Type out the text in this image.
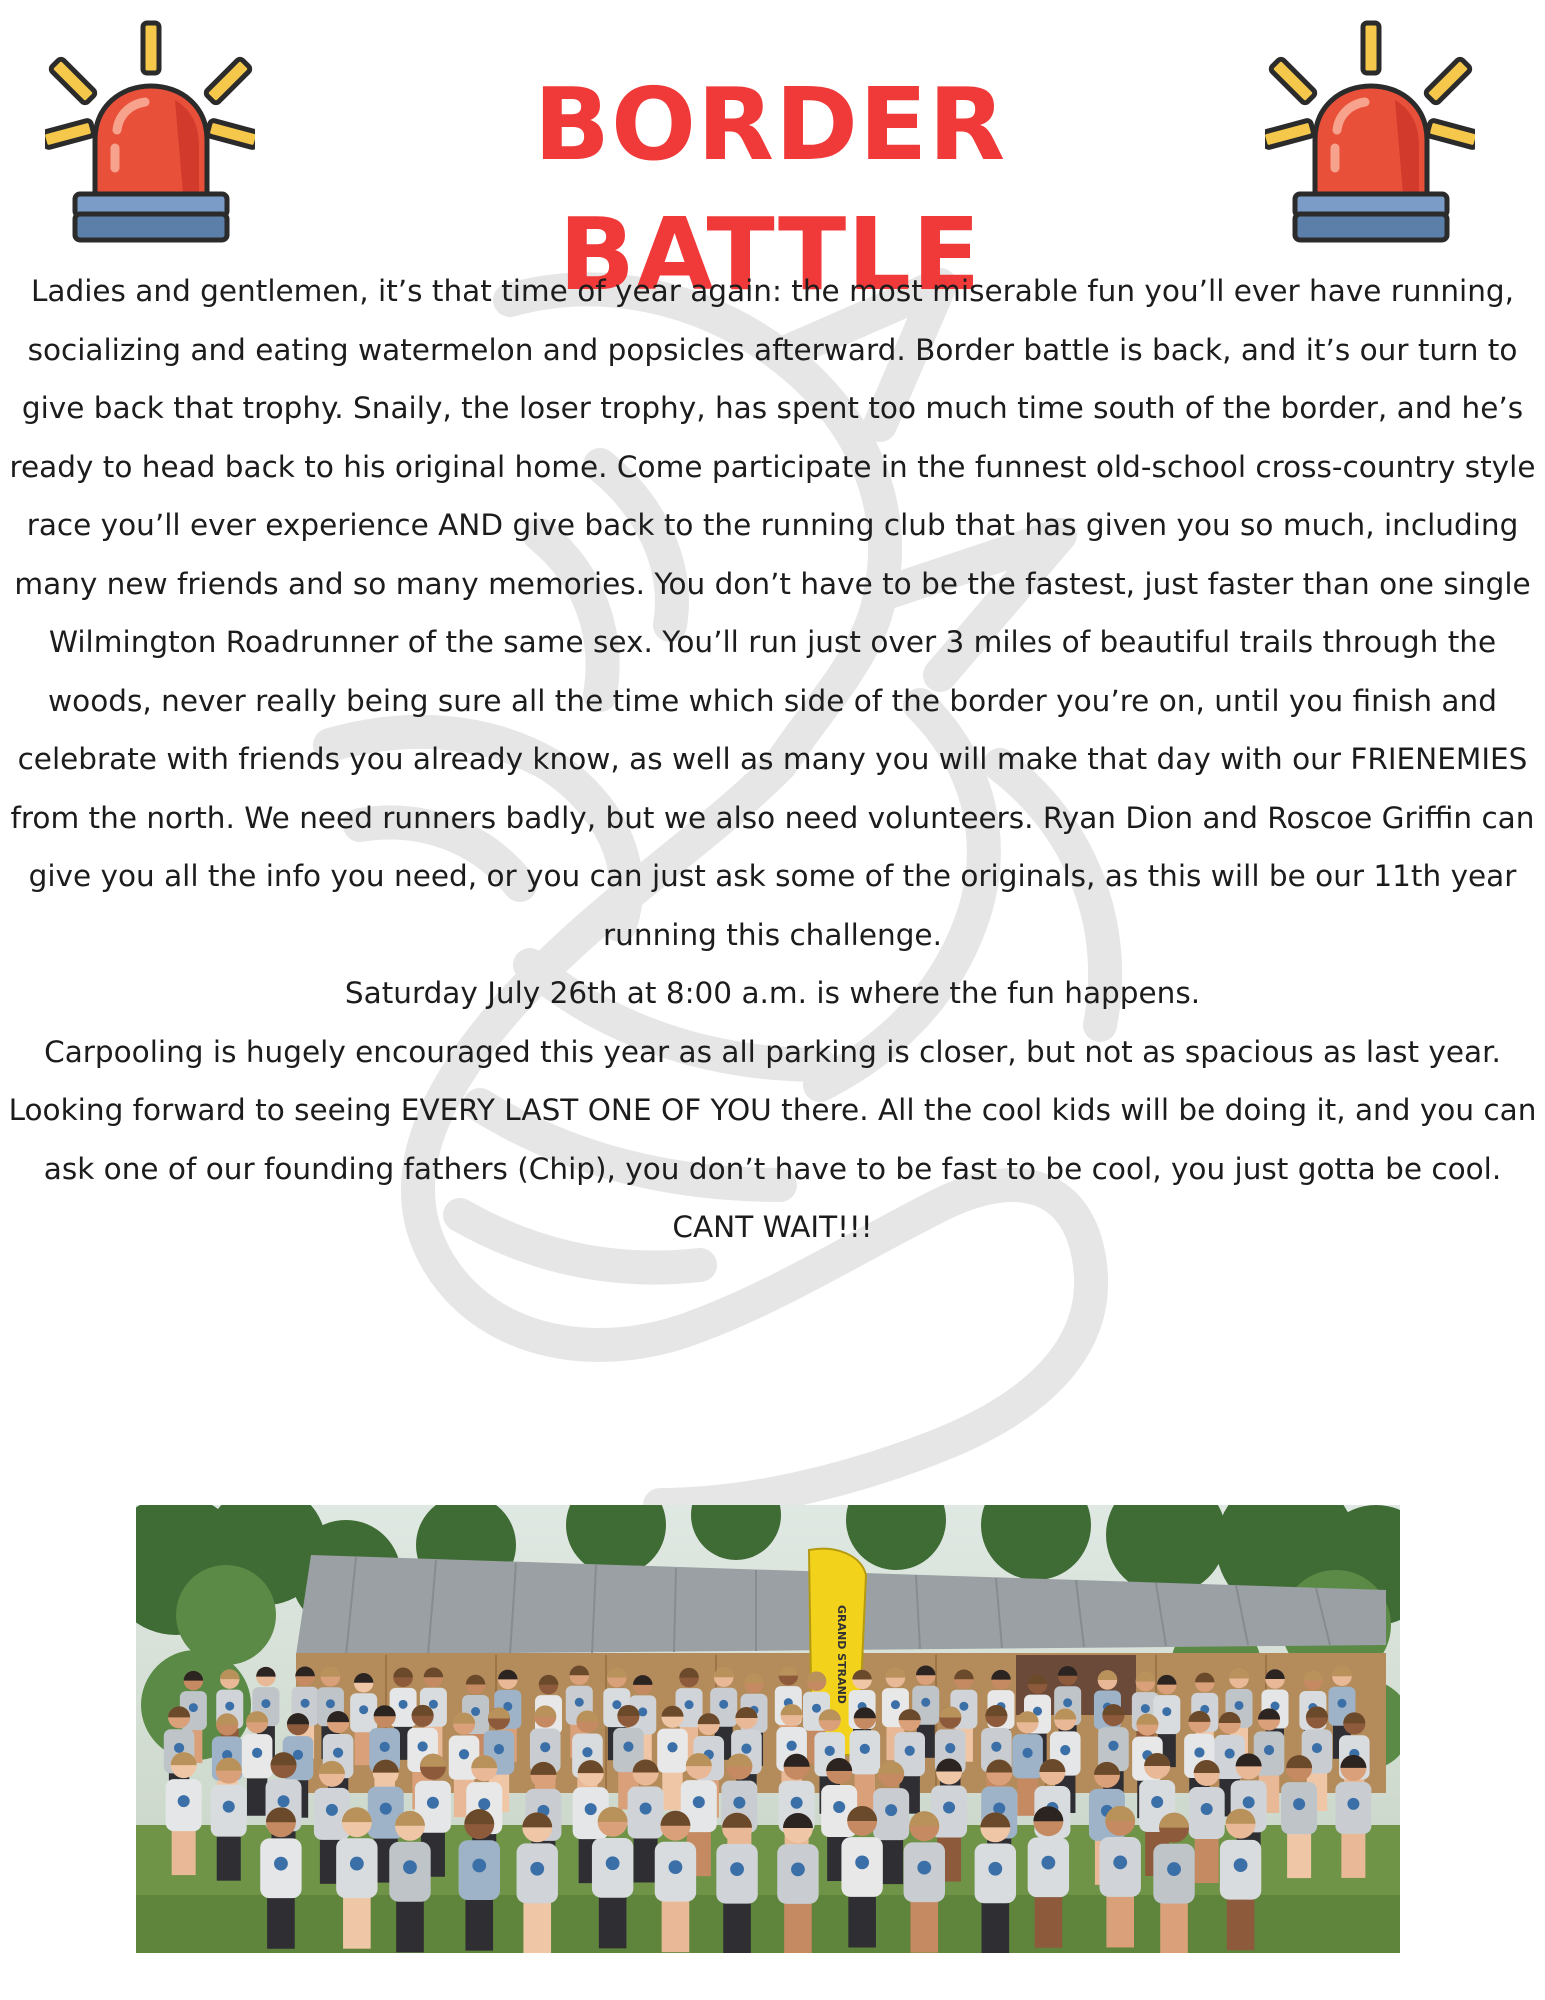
BORDER BATTLE

Ladies and gentlemen, it’s that time of year again: the most miserable fun you’ll ever have running, socializing and eating watermelon and popsicles afterward. Border battle is back, and it’s our turn to give back that trophy. Snaily, the loser trophy, has spent too much time south of the border, and he’s ready to head back to his original home. Come participate in the funnest old-school cross-country style race you’ll ever experience AND give back to the running club that has given you so much, including many new friends and so many memories. You don’t have to be the fastest, just faster than one single Wilmington Roadrunner of the same sex. You’ll run just over 3 miles of beautiful trails through the woods, never really being sure all the time which side of the border you’re on, until you finish and celebrate with friends you already know, as well as many you will make that day with our FRIENEMIES from the north. We need runners badly, but we also need volunteers. Ryan Dion and Roscoe Griffin can give you all the info you need, or you can just ask some of the originals, as this will be our 11th year running this challenge.

Saturday July 26th at 8:00 a.m. is where the fun happens.

Carpooling is hugely encouraged this year as all parking is closer, but not as spacious as last year. Looking forward to seeing EVERY LAST ONE OF YOU there. All the cool kids will be doing it, and you can ask one of our founding fathers (Chip), you don’t have to be fast to be cool, you just gotta be cool.

CANT WAIT!!!

GRAND STRAND
